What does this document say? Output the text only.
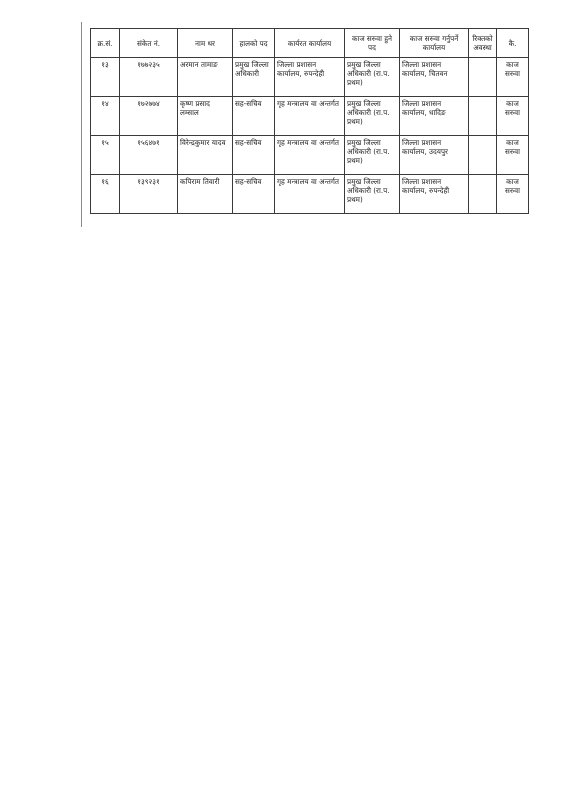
क्र.सं.	संकेत नं.	नाम थर	हालको पद	कार्यरत कार्यालय	काज सरुवा हुने पद	काज सरुवा गर्नुपर्ने कार्यालय	रिक्तको अवस्था	कै.
१३	१७७२३५	अरमान तामाङ	प्रमुख जिल्ला अधिकारी	जिल्ला प्रशासन कार्यालय, रुपन्देही	प्रमुख जिल्ला अधिकारी (रा.प. प्रथम)	जिल्ला प्रशासन कार्यालय, चितवन		काज सरुवा
१४	१७२७७४	कृष्ण प्रसाद लम्साल	सह-सचिव	गृह मन्त्रालय वा अन्तर्गत	प्रमुख जिल्ला अधिकारी (रा.प. प्रथम)	जिल्ला प्रशासन कार्यालय, धादिङ		काज सरुवा
१५	१५६४७१	विरेन्द्रकुमार यादव	सह-सचिव	गृह मन्त्रालय वा अन्तर्गत	प्रमुख जिल्ला अधिकारी (रा.प. प्रथम)	जिल्ला प्रशासन कार्यालय, उदयपुर		काज सरुवा
१६	१३९२३१	कपिराम तिवारी	सह-सचिव	गृह मन्त्रालय वा अन्तर्गत	प्रमुख जिल्ला अधिकारी (रा.प. प्रथम)	जिल्ला प्रशासन कार्यालय, रुपन्देही		काज सरुवा
